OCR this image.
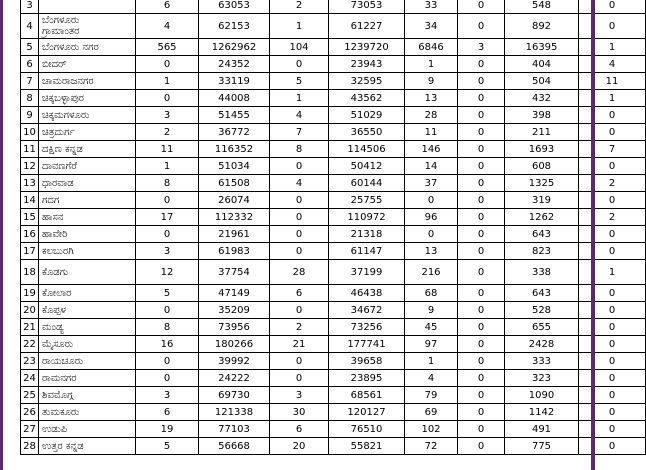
3		6	63053	2	73053	33	0	548	0
4	ಬೆಂಗಳೂರು
ಗ್ರಾಮಾಂತರ	4	62153	1	61227	34	0	892	0
5	ಬೆಂಗಳೂರು ನಗರ	565	1262962	104	1239720	6846	3	16395	1
6	ಬೀದರ್	0	24352	0	23943	1	0	404	4
7	ಚಾಮರಾಜನಗರ	1	33119	5	32595	9	0	504	11
8	ಚಿಕ್ಕಬಳ್ಳಾಪುರ	0	44008	1	43562	13	0	432	1
9	ಚಿಕ್ಕಮಗಳೂರು	3	51455	4	51029	28	0	398	0
10	ಚಿತ್ರದುರ್ಗ	2	36772	7	36550	11	0	211	0
11	ದಕ್ಷಿಣ ಕನ್ನಡ	11	116352	8	114506	146	0	1693	7
12	ದಾವಣಗೆರೆ	1	51034	0	50412	14	0	608	0
13	ಧಾರವಾಡ	8	61508	4	60144	37	0	1325	2
14	ಗದಗ	0	26074	0	25755	0	0	319	0
15	ಹಾಸನ	17	112332	0	110972	96	0	1262	2
16	ಹಾವೇರಿ	0	21961	0	21318	0	0	643	0
17	ಕಲಬುರಗಿ	3	61983	0	61147	13	0	823	0
18	ಕೊಡಗು	12	37754	28	37199	216	0	338	1
19	ಕೋಲಾರ	5	47149	6	46438	68	0	643	0
20	ಕೊಪ್ಪಳ	0	35209	0	34672	9	0	528	0
21	ಮಂಡ್ಯ	8	73956	2	73256	45	0	655	0
22	ಮೈಸೂರು	16	180266	21	177741	97	0	2428	0
23	ರಾಯಚೂರು	0	39992	0	39658	1	0	333	0
24	ರಾಮನಗರ	0	24222	0	23895	4	0	323	0
25	ಶಿವಮೊಗ್ಗ	3	69730	3	68561	79	0	1090	0
26	ತುಮಕೂರು	6	121338	30	120127	69	0	1142	0
27	ಉಡುಪಿ	19	77103	6	76510	102	0	491	0
28	ಉತ್ತರ ಕನ್ನಡ	5	56668	20	55821	72	0	775	0
